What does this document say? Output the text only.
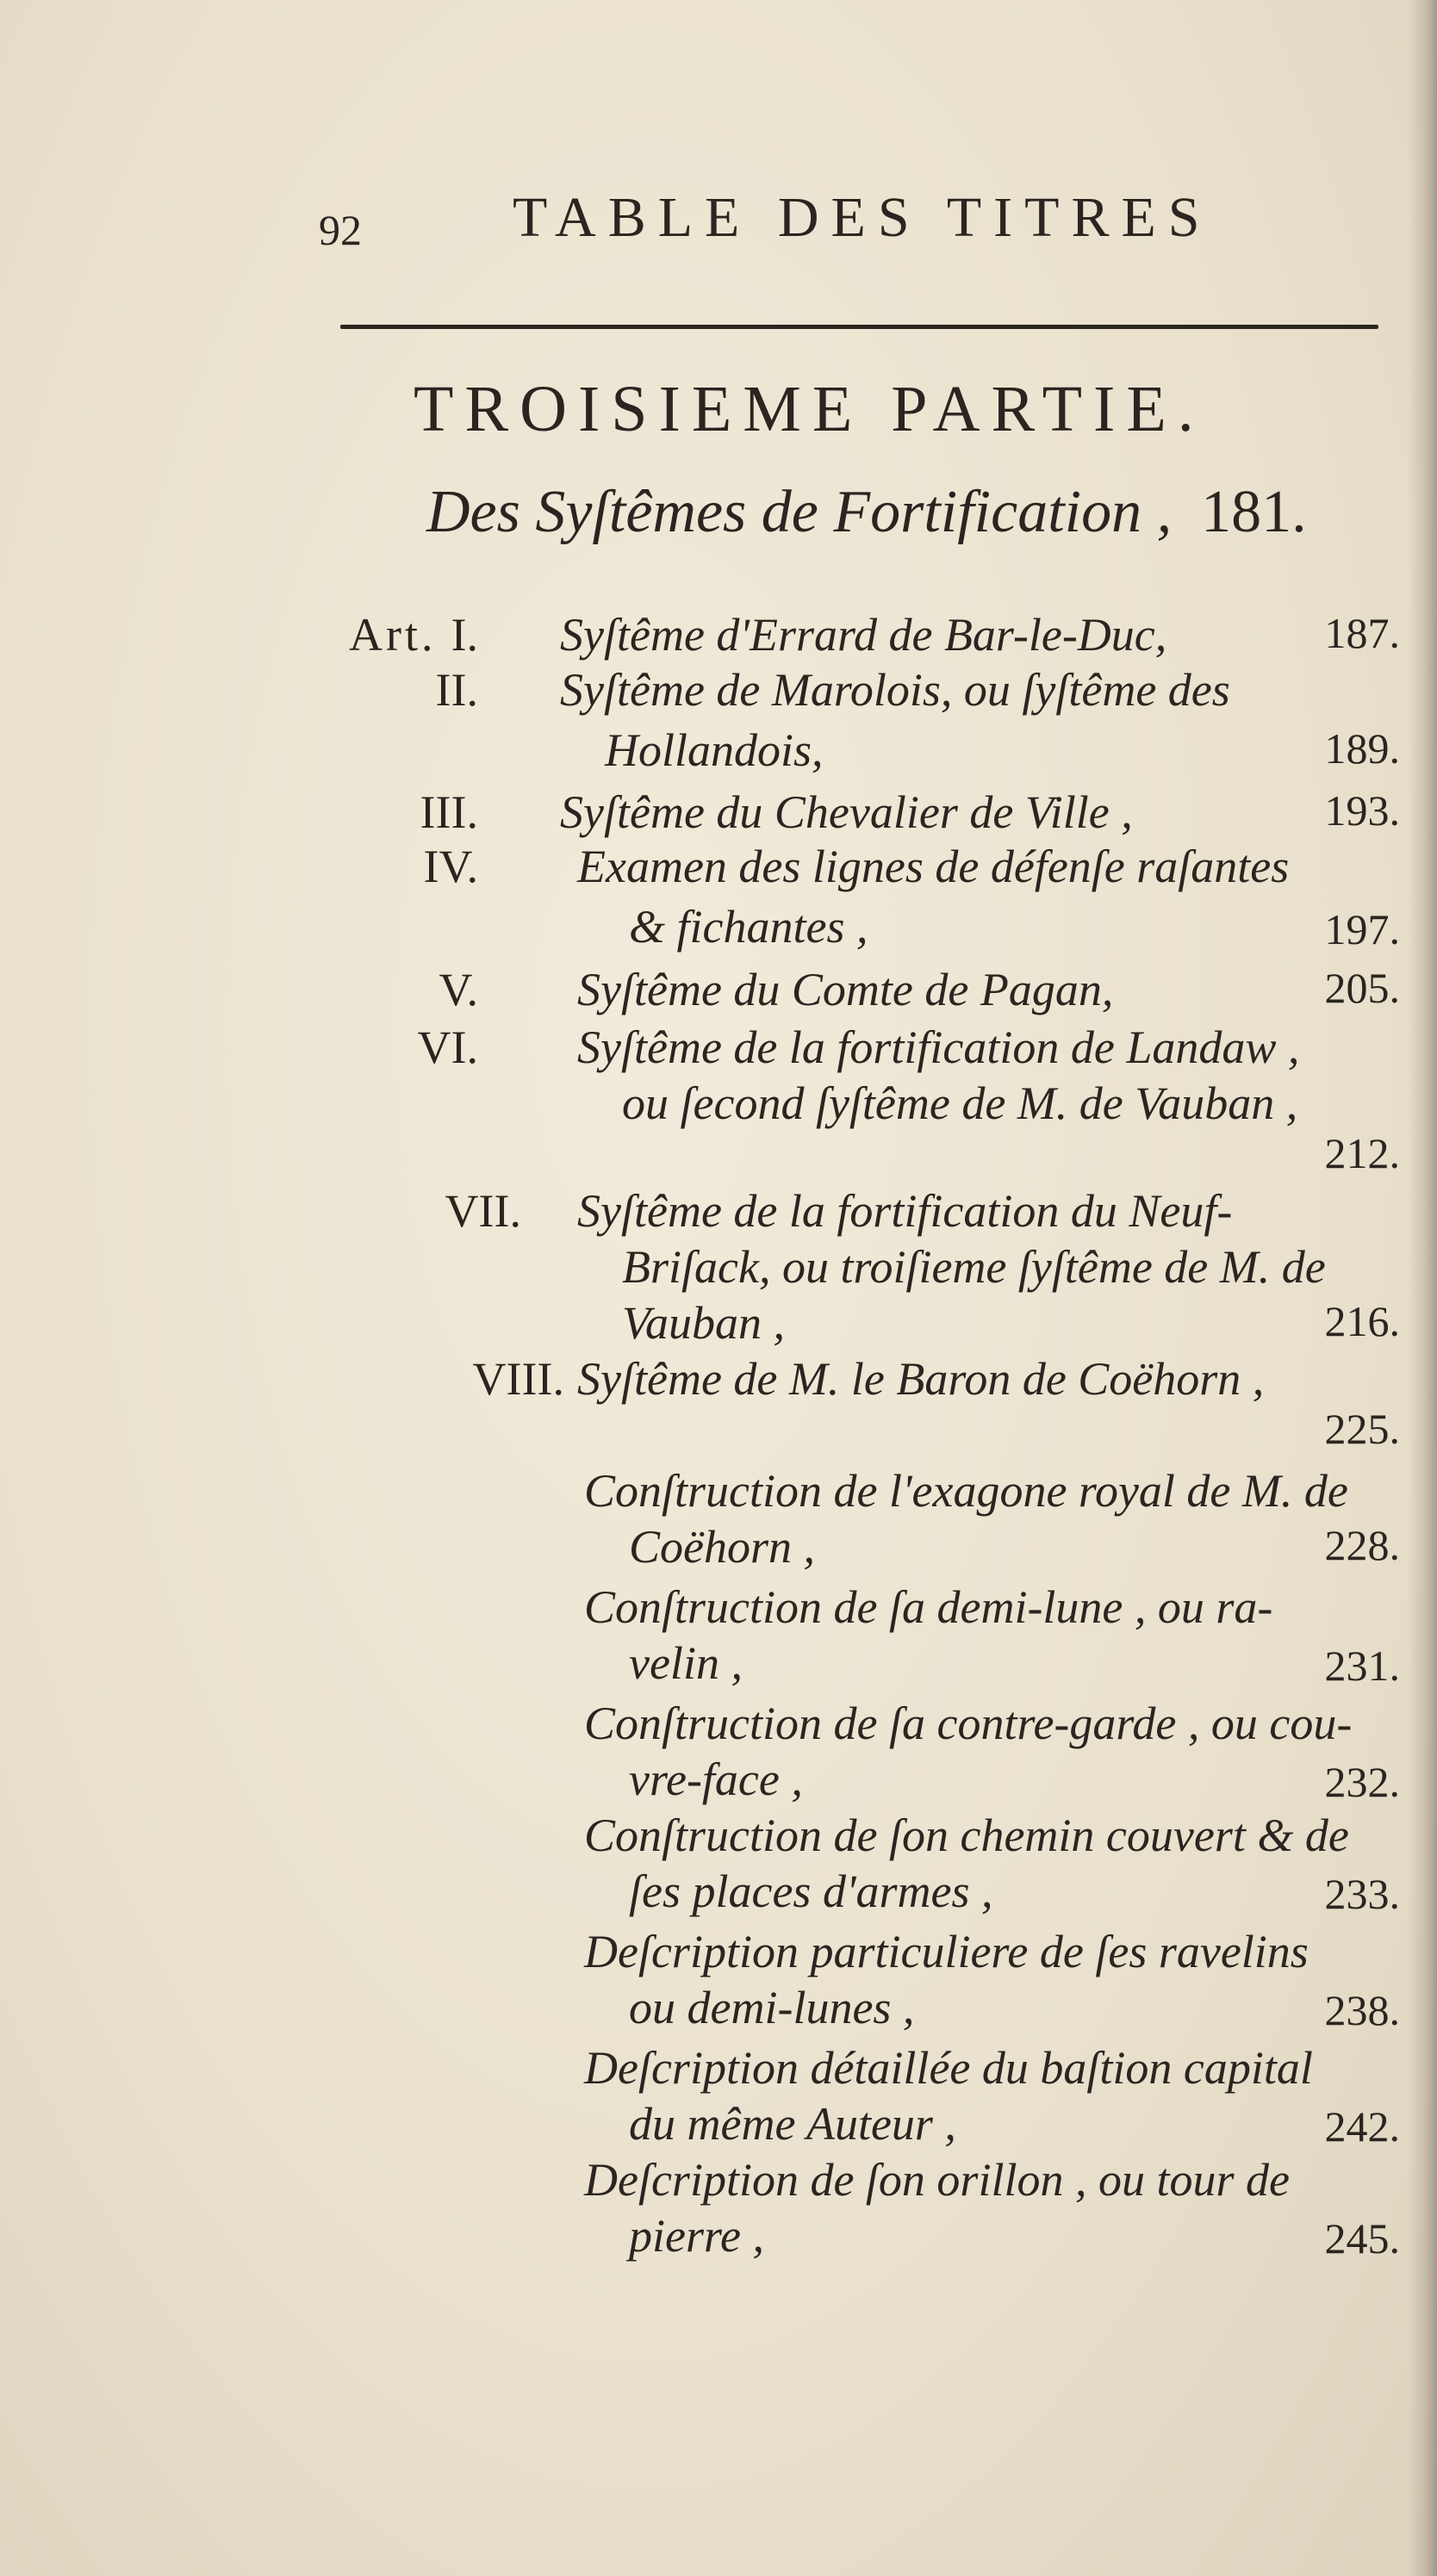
92	TABLE DES TITRES
TROISIEME PARTIE.
Des Syſtêmes de Fortification , 181.
Art. I. Syſtême d'Errard de Bar-le-Duc,	187.
II. Syſtême de Marolois, ou ſyſtême des
Hollandois,	189.
III. Syſtême du Chevalier de Ville ,	193.
IV. Examen des lignes de défenſe raſantes
& fichantes ,	197.
V. Syſtême du Comte de Pagan,	205.
VI. Syſtême de la fortification de Landaw ,
ou ſecond ſyſtême de M. de Vauban ,
212.
VII. Syſtême de la fortification du Neuf-
Briſack, ou troiſieme ſyſtême de M. de
Vauban ,	216.
VIII. Syſtême de M. le Baron de Coëhorn ,
225.
Conſtruction de l'exagone royal de M. de
Coëhorn ,	228.
Conſtruction de ſa demi-lune , ou ra-
velin ,	231.
Conſtruction de ſa contre-garde , ou cou-
vre-face ,	232.
Conſtruction de ſon chemin couvert & de
ſes places d'armes ,	233.
Deſcription particuliere de ſes ravelins
ou demi-lunes ,	238.
Deſcription détaillée du baſtion capital
du même Auteur ,	242.
Deſcription de ſon orillon , ou tour de
pierre ,	245.
